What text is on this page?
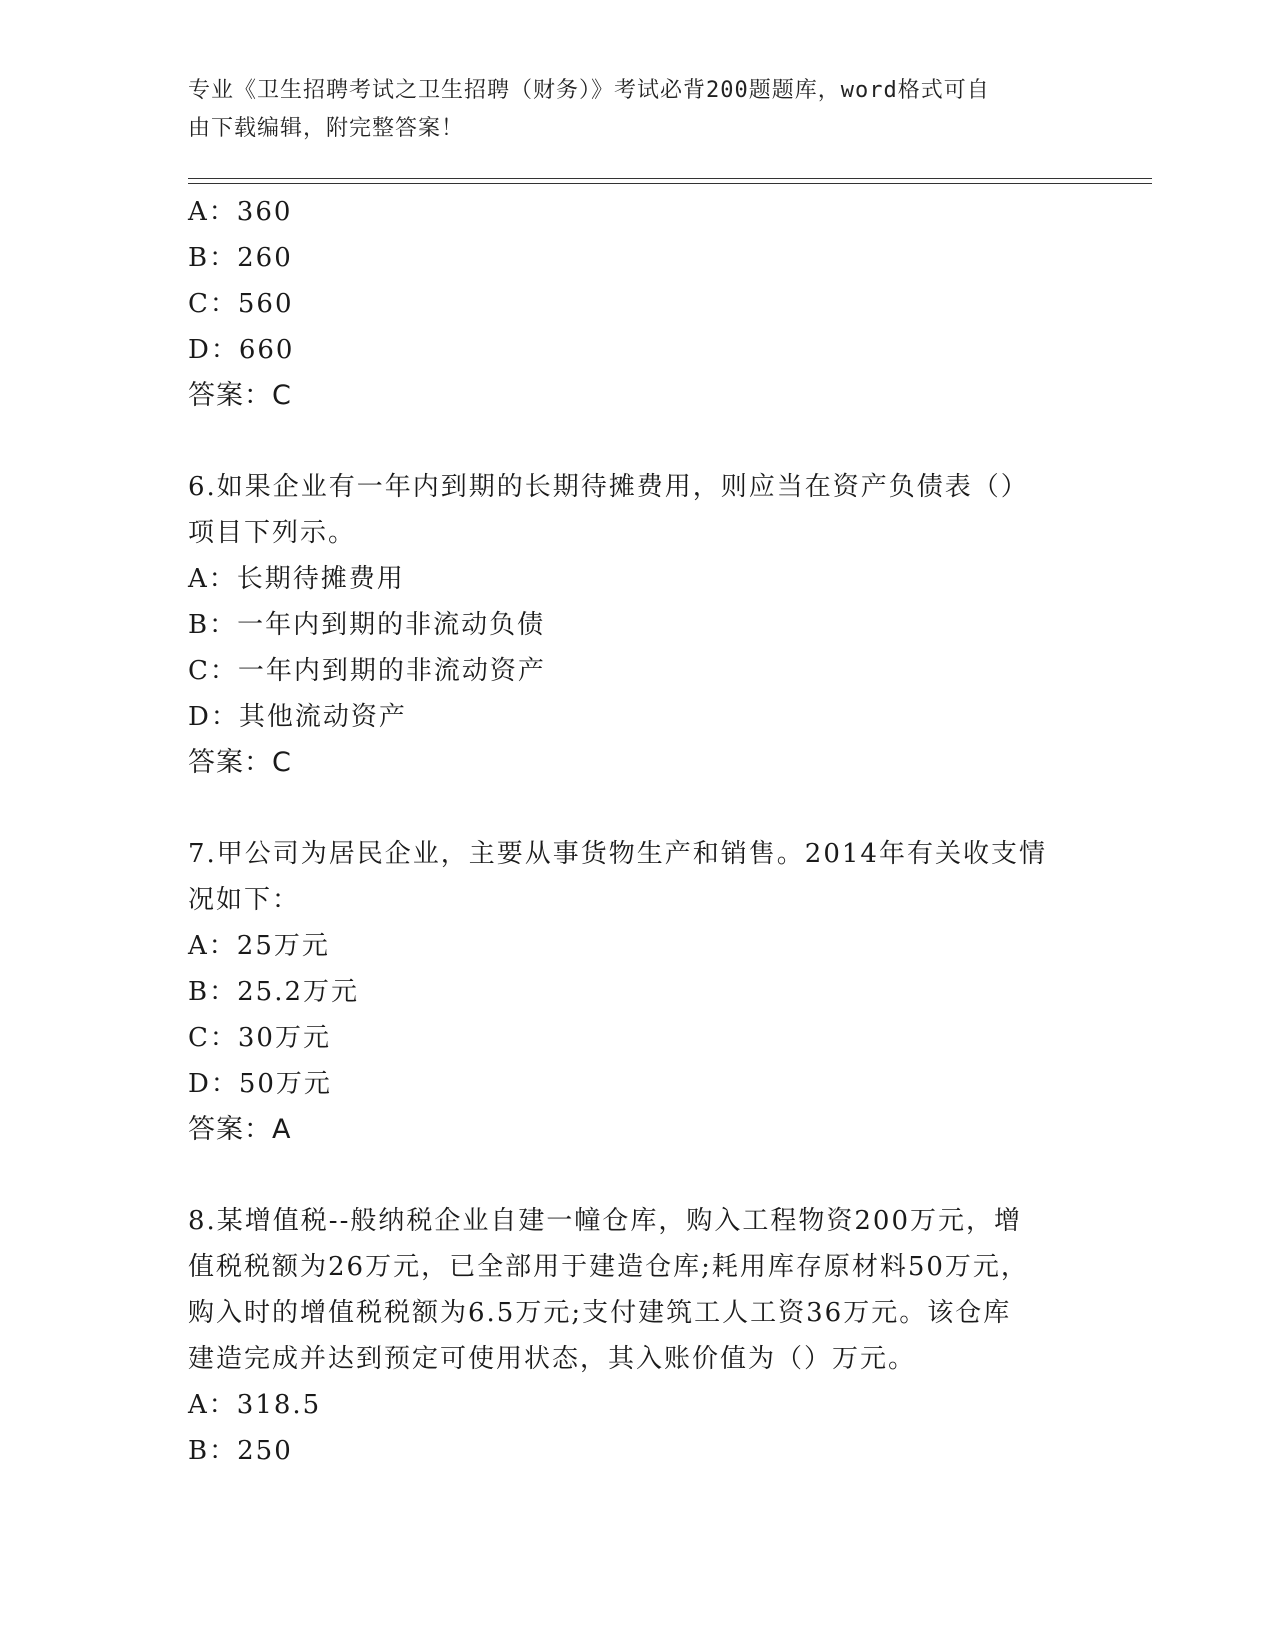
专业《卫生招聘考试之卫生招聘（财务）》考试必背200题题库，word格式可自
由下载编辑，附完整答案！
A：360
B：260
C：560
D：660
答案：C
6.如果企业有一年内到期的长期待摊费用，则应当在资产负债表（）
项目下列示。
A：长期待摊费用
B：一年内到期的非流动负债
C：一年内到期的非流动资产
D：其他流动资产
答案：C
7.甲公司为居民企业，主要从事货物生产和销售。2014年有关收支情
况如下：
A：25万元
B：25.2万元
C：30万元
D：50万元
答案：A
8.某增值税--般纳税企业自建一幢仓库，购入工程物资200万元，增
值税税额为26万元，已全部用于建造仓库;耗用库存原材料50万元，
购入时的增值税税额为6.5万元;支付建筑工人工资36万元。该仓库
建造完成并达到预定可使用状态，其入账价值为（）万元。
A：318.5
B：250
